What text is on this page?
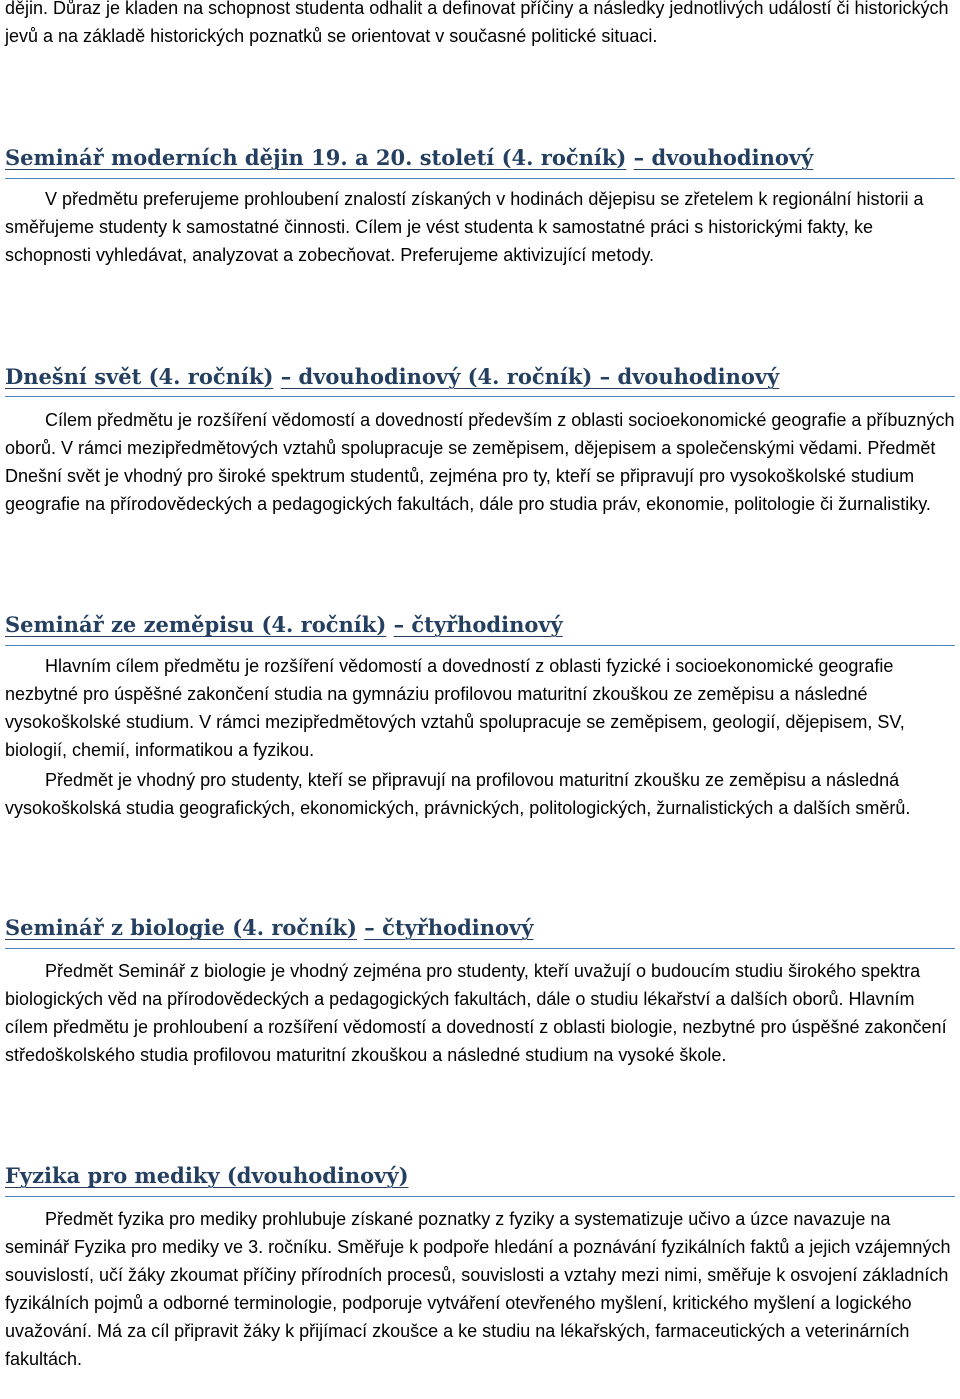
dějin. Důraz je kladen na schopnost studenta odhalit a definovat příčiny a následky jednotlivých událostí či historických jevů a na základě historických poznatků se orientovat v současné politické situaci.

Seminář moderních dějin 19. a 20. století (4. ročník) – dvouhodinový

V předmětu preferujeme prohloubení znalostí získaných v hodinách dějepisu se zřetelem k regionální historii a směřujeme studenty k samostatné činnosti. Cílem je vést studenta k samostatné práci s historickými fakty, ke schopnosti vyhledávat, analyzovat a zobecňovat. Preferujeme aktivizující metody.

Dnešní svět (4. ročník) – dvouhodinový (4. ročník) – dvouhodinový

Cílem předmětu je rozšíření vědomostí a dovedností především z oblasti socioekonomické geografie a příbuzných oborů. V rámci mezipředmětových vztahů spolupracuje se zeměpisem, dějepisem a společenskými vědami. Předmět Dnešní svět je vhodný pro široké spektrum studentů, zejména pro ty, kteří se připravují pro vysokoškolské studium geografie na přírodovědeckých a pedagogických fakultách, dále pro studia práv, ekonomie, politologie či žurnalistiky.

Seminář ze zeměpisu (4. ročník) – čtyřhodinový

Hlavním cílem předmětu je rozšíření vědomostí a dovedností z oblasti fyzické i socioekonomické geografie nezbytné pro úspěšné zakončení studia na gymnáziu profilovou maturitní zkouškou ze zeměpisu a následné vysokoškolské studium. V rámci mezipředmětových vztahů spolupracuje se zeměpisem, geologií, dějepisem, SV, biologií, chemií, informatikou a fyzikou.

Předmět je vhodný pro studenty, kteří se připravují na profilovou maturitní zkoušku ze zeměpisu a následná vysokoškolská studia geografických, ekonomických, právnických, politologických, žurnalistických a dalších směrů.

Seminář z biologie (4. ročník) – čtyřhodinový

Předmět Seminář z biologie je vhodný zejména pro studenty, kteří uvažují o budoucím studiu širokého spektra biologických věd na přírodovědeckých a pedagogických fakultách, dále o studiu lékařství a dalších oborů. Hlavním cílem předmětu je prohloubení a rozšíření vědomostí a dovedností z oblasti biologie, nezbytné pro úspěšné zakončení středoškolského studia profilovou maturitní zkouškou a následné studium na vysoké škole.

Fyzika pro mediky (dvouhodinový)

Předmět fyzika pro mediky prohlubuje získané poznatky z fyziky a systematizuje učivo a úzce navazuje na seminář Fyzika pro mediky ve 3. ročníku. Směřuje k podpoře hledání a poznávání fyzikálních faktů a jejich vzájemných souvislostí, učí žáky zkoumat příčiny přírodních procesů, souvislosti a vztahy mezi nimi, směřuje k osvojení základních fyzikálních pojmů a odborné terminologie, podporuje vytváření otevřeného myšlení, kritického myšlení a logického uvažování. Má za cíl připravit žáky k přijímací zkoušce a ke studiu na lékařských, farmaceutických a veterinárních fakultách.
